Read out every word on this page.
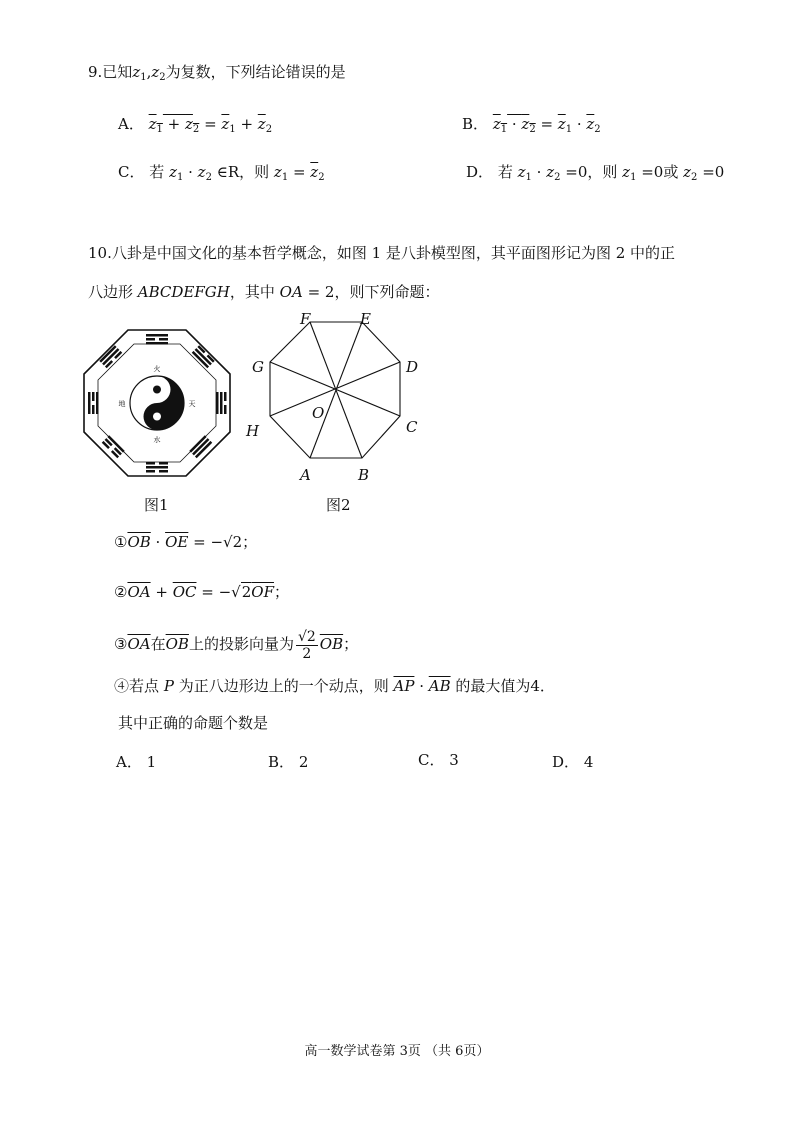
9.已知$z_1,z_2$为复数，下列结论错误的是
A． $z_1 + z_2 = \overline{z}_1 + \overline{z}_2$	B． $z_1 \cdot z_2 = \overline{z}_1 \cdot \overline{z}_2$
C． 若 $z_1 \cdot z_2$ ∈R，则 $z_1 = \overline{z}_2$	D． 若 $z_1 \cdot z_2 =0$，则 $z_1 =0$或 $z_2 =0$
10.八卦是中国文化的基本哲学概念，如图 1 是八卦模型图，其平面图形记为图 2 中的正
八边形 ABCDEFGH，其中 OA = 2，则下列命题：
火
水
地	天
图1
A	B
C
D
E
F
G
H
O
图2
$①\overline{OB} \cdot \overline{OE} = -√2$；
$②\overline{OA} + \overline{OC} = -√2\overline{OF}$；
$③\overline{OA}$在$\overline{OB}$上的投影向量为 $\frac{√2}{2} \overline{OB}$；
④若点 P 为正八边形边上的一个动点，则 $\overline{AP} \cdot \overline{AB}$ 的最大值为4．
其中正确的命题个数是
A． 1	B． 2	C． 3	D． 4
高一数学试卷第 3页 （共 6页）
